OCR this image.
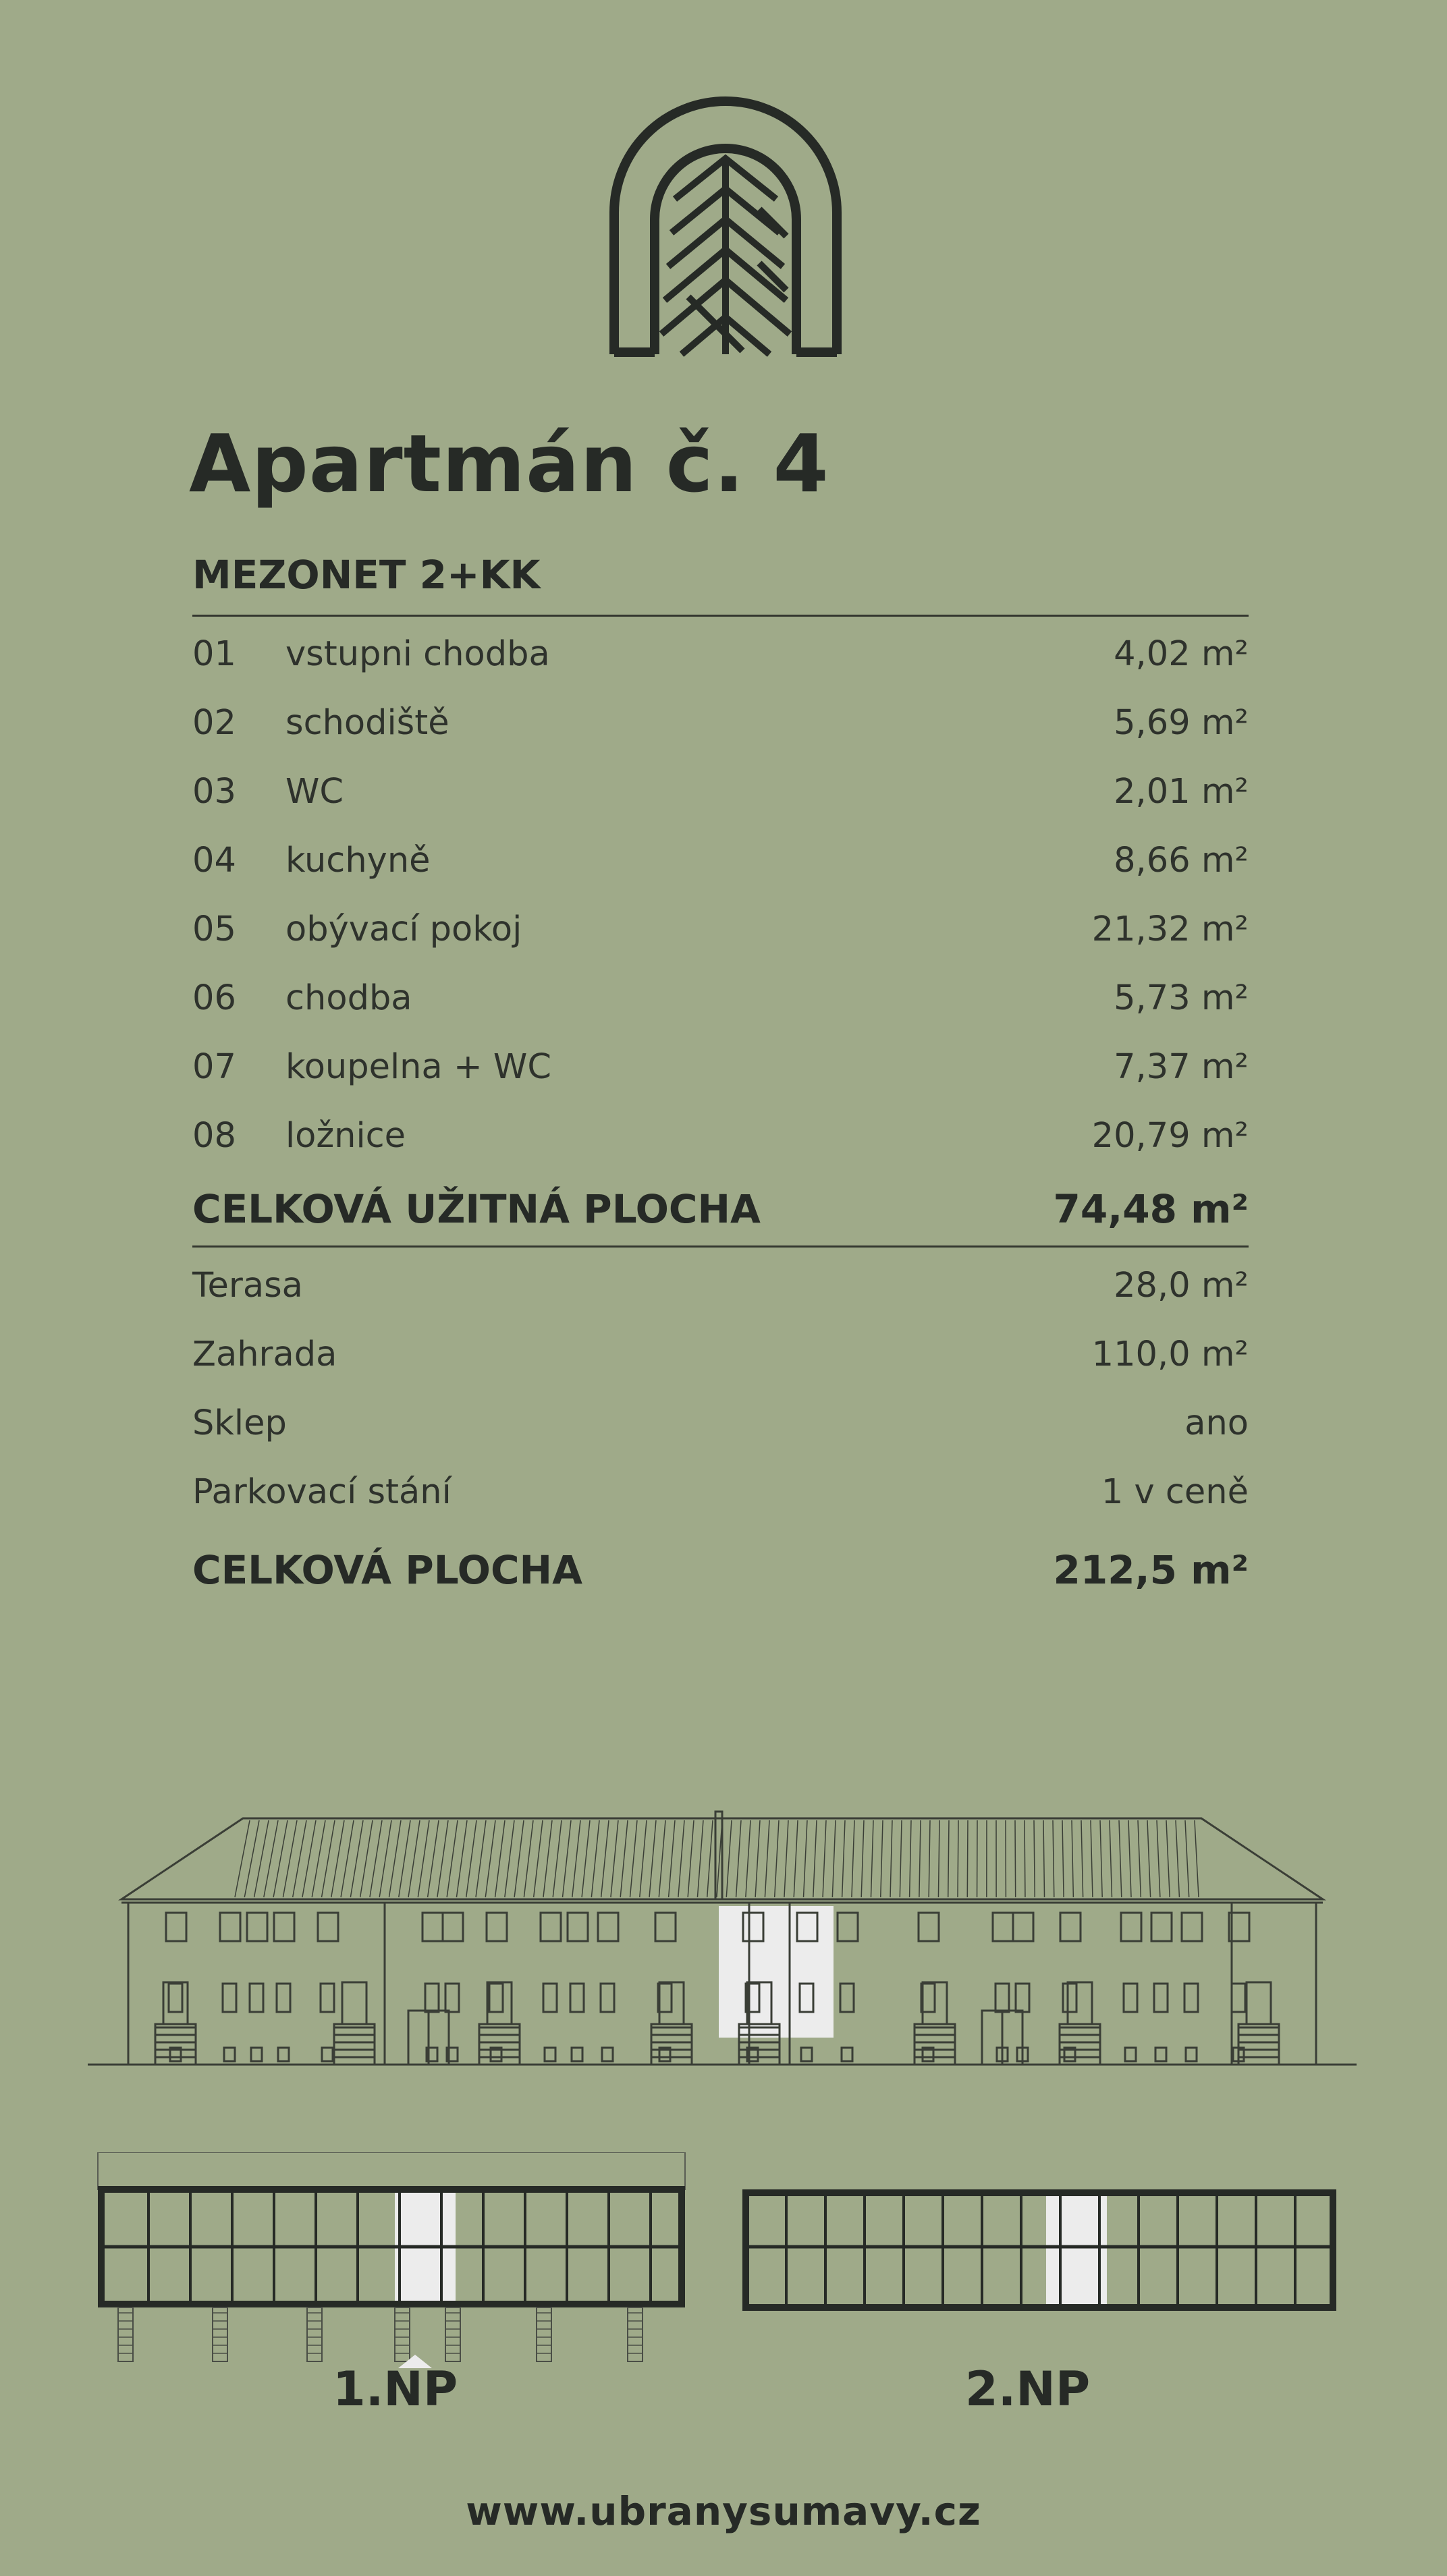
Apartmán č. 4
MEZONET 2+KK
01 vstupni chodba	4,02 m²
02 schodiště	5,69 m²
03 WC	2,01 m²
04 kuchyně	8,66 m²
05 obývací pokoj	21,32 m²
06 chodba	5,73 m²
07 koupelna + WC	7,37 m²
08 ložnice	20,79 m²
CELKOVÁ UŽITNÁ PLOCHA	74,48 m²
Terasa	28,0 m²
Zahrada	110,0 m²
Sklep	ano
Parkovací stání	1 v ceně
CELKOVÁ PLOCHA	212,5 m²
1.NP	2.NP
www.ubranysumavy.cz
